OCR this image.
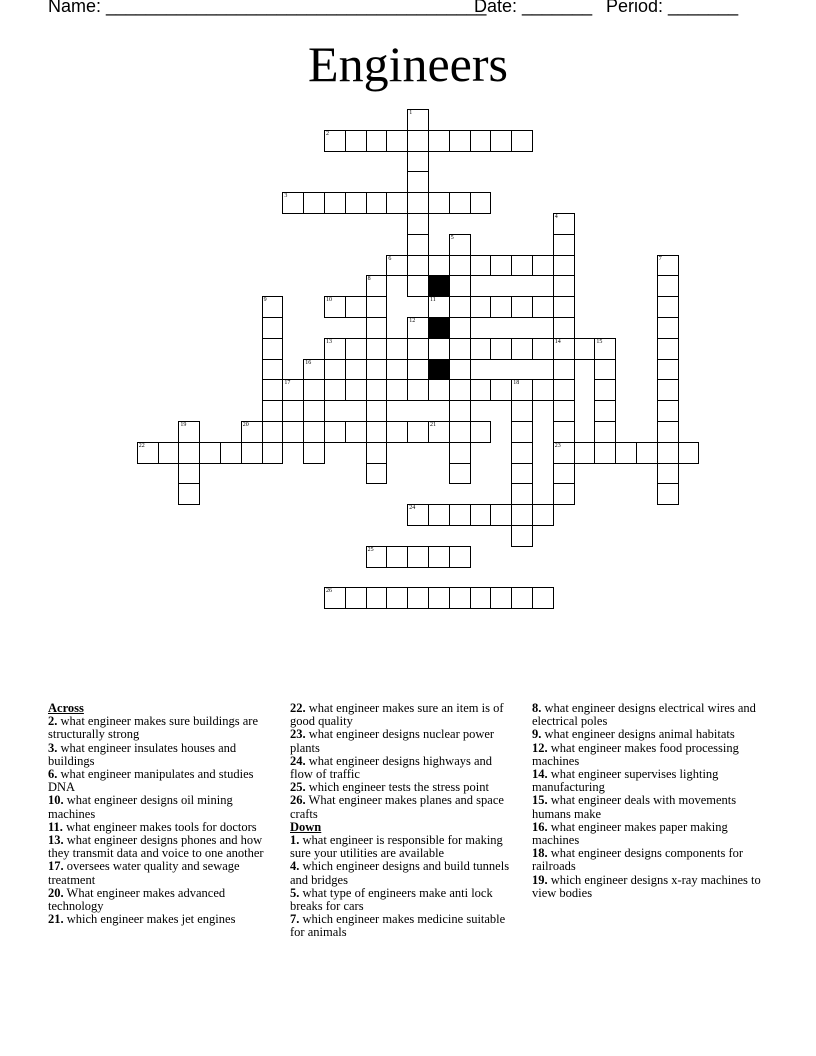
Name: ______________________________________
Date: _______ Period: _______
Engineers
2
3
6
10	11
13	14
16
17	18
20	21
22	23
24
25
26
1
4
5
7
8
9
12
15
19
Across
2. what engineer makes sure buildings are structurally strong
3. what engineer insulates houses and buildings
6. what engineer manipulates and studies DNA
10. what engineer designs oil mining machines
11. what engineer makes tools for doctors
13. what engineer designs phones and how they transmit data and voice to one another
17. oversees water quality and sewage treatment
20. What engineer makes advanced technology
21. which engineer makes jet engines
22. what engineer makes sure an item is of good quality
23. what engineer designs nuclear power plants
24. what engineer designs highways and flow of traffic
25. which engineer tests the stress point
26. What engineer makes planes and space crafts
Down
1. what engineer is responsible for making sure your utilities are available
4. which engineer designs and build tunnels and bridges
5. what type of engineers make anti lock breaks for cars
7. which engineer makes medicine suitable for animals
8. what engineer designs electrical wires and electrical poles
9. what engineer designs animal habitats
12. what engineer makes food processing machines
14. what engineer supervises lighting manufacturing
15. what engineer deals with movements humans make
16. what engineer makes paper making machines
18. what engineer designs components for railroads
19. which engineer designs x-ray machines to view bodies
